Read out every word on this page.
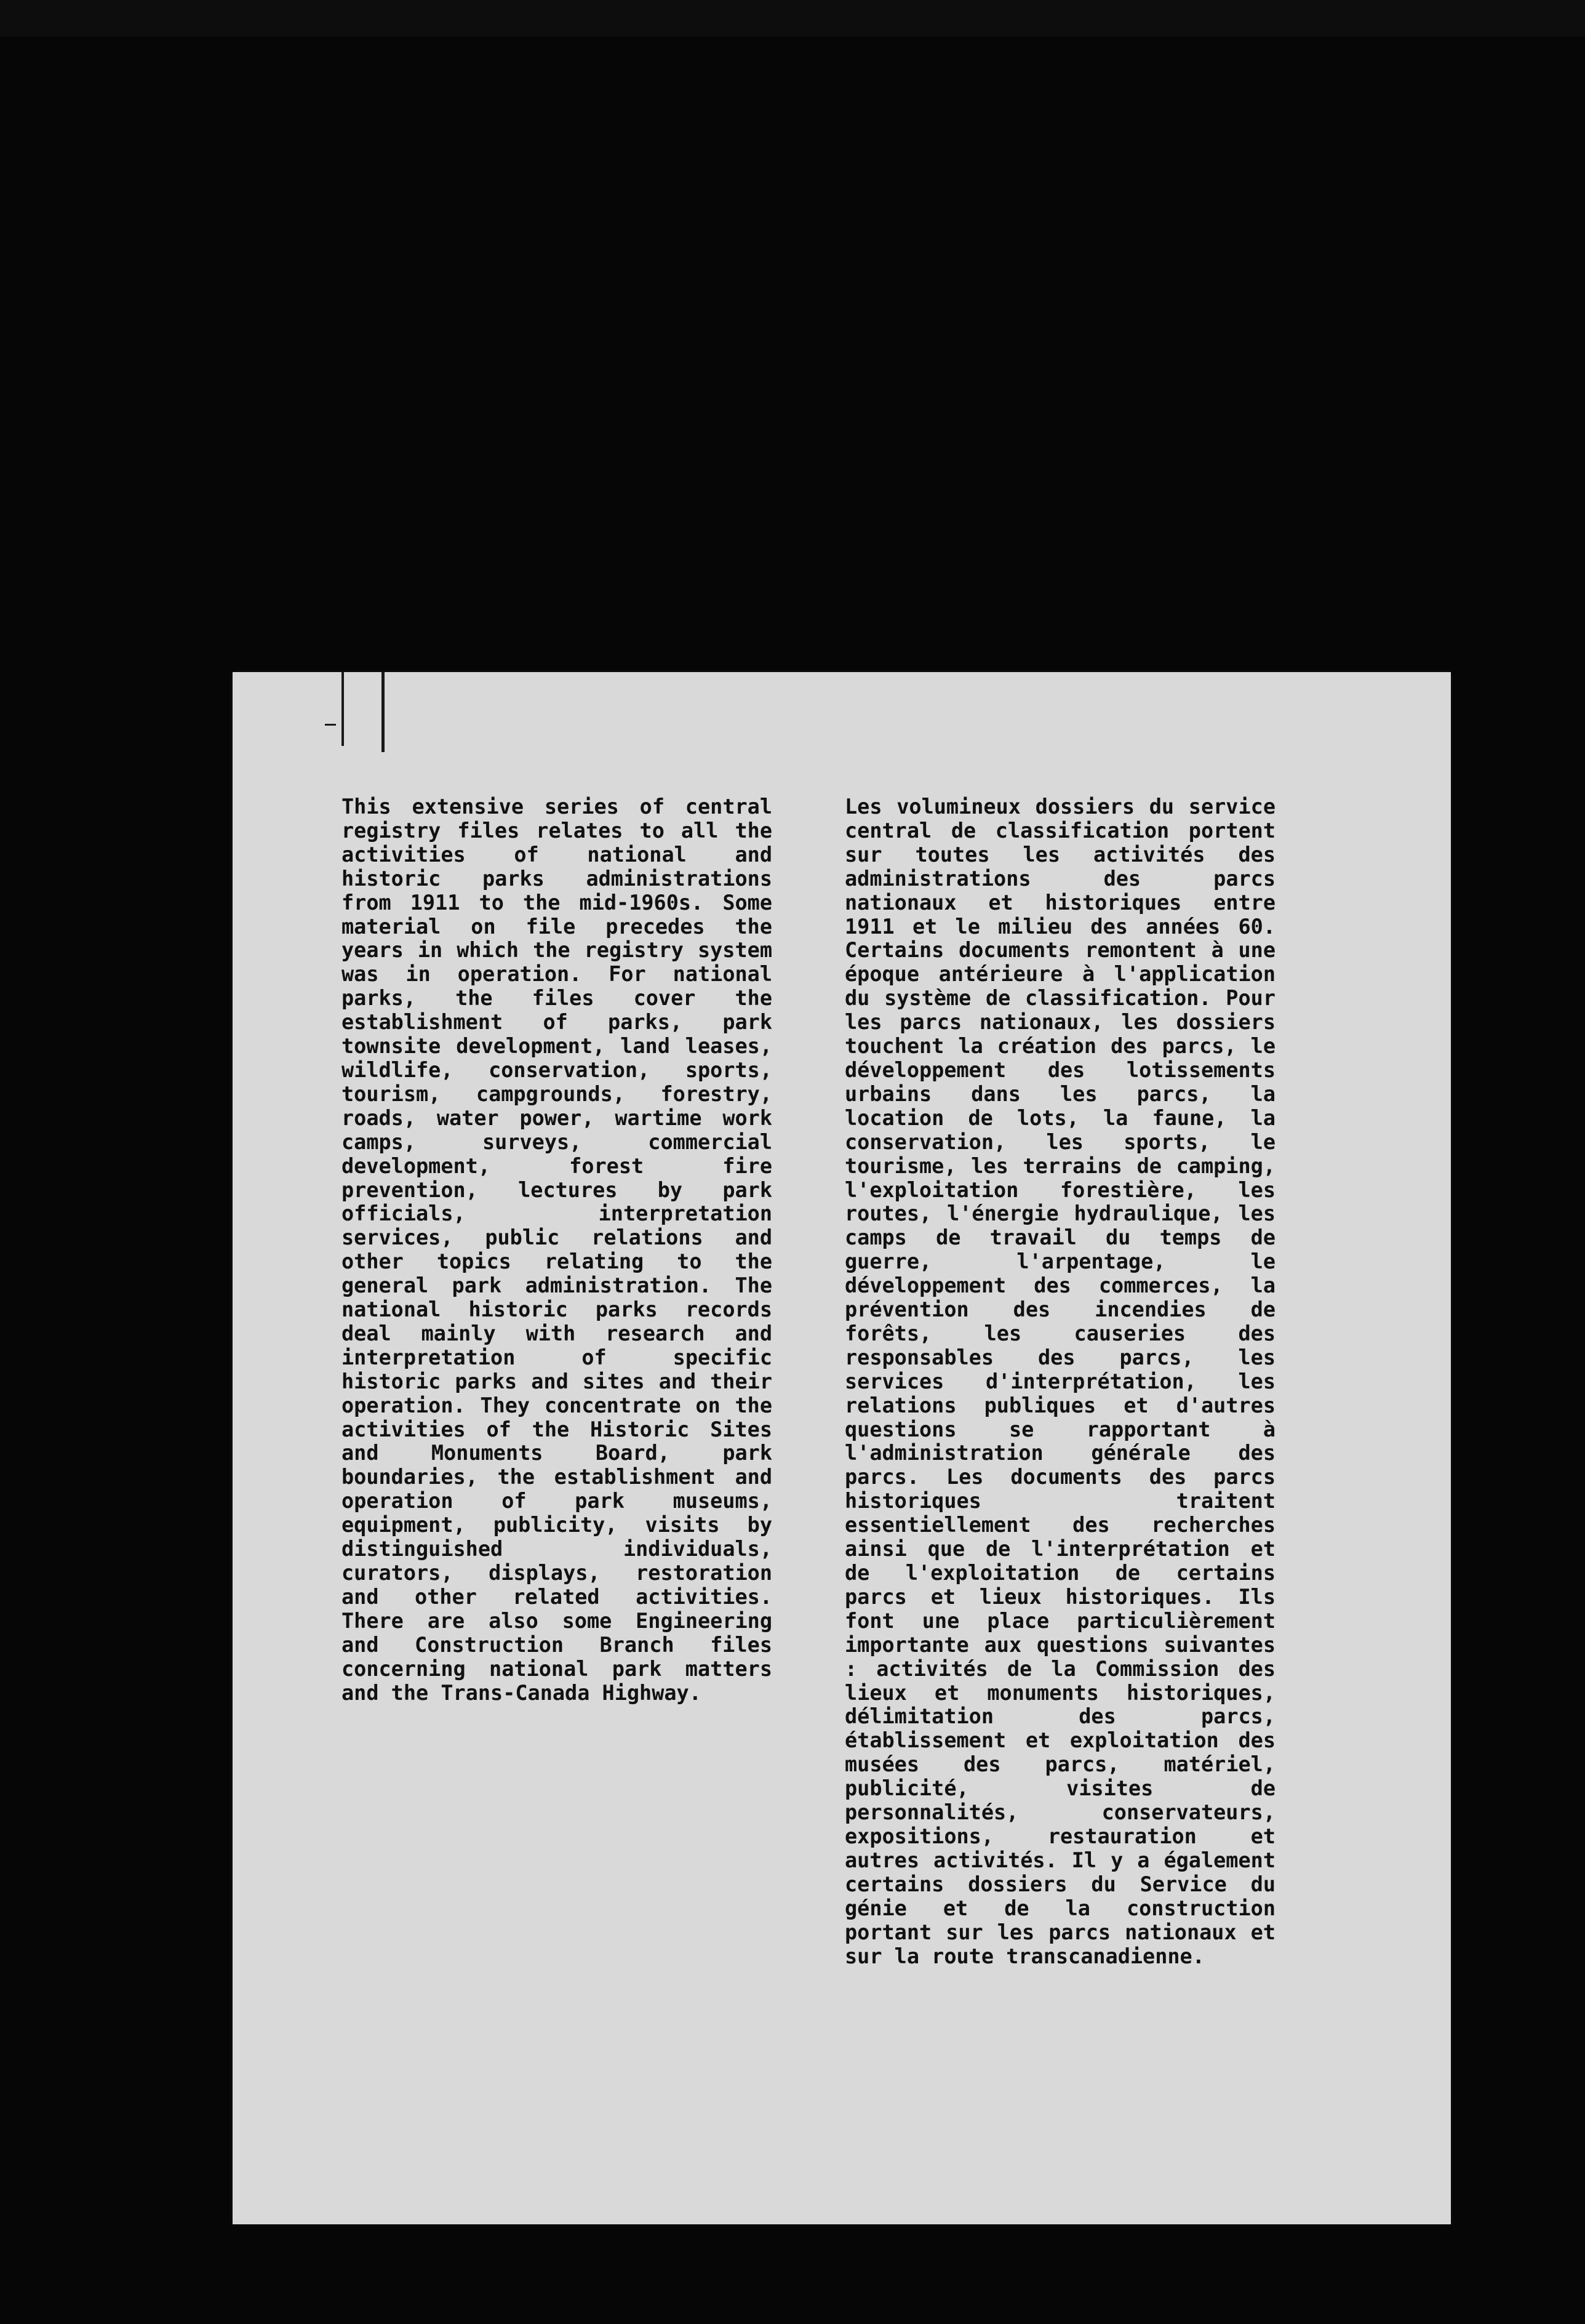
This extensive series of central registry files relates to all the activities of national and historic parks administrations from 1911 to the mid-1960s. Some material on file precedes the years in which the registry system was in operation. For national parks, the files cover the establishment of parks, park townsite development, land leases, wildlife, conservation, sports, tourism, campgrounds, forestry, roads, water power, wartime work camps, surveys, commercial development, forest fire prevention, lectures by park officials, interpretation services, public relations and other topics relating to the general park administration. The national historic parks records deal mainly with research and interpretation of specific historic parks and sites and their operation. They concentrate on the activities of the Historic Sites and Monuments Board, park boundaries, the establishment and operation of park museums, equipment, publicity, visits by distinguished individuals, curators, displays, restoration and other related activities. There are also some Engineering and Construction Branch files concerning national park matters and the Trans-Canada Highway.

Les volumineux dossiers du service central de classification portent sur toutes les activités des administrations des parcs nationaux et historiques entre 1911 et le milieu des années 60. Certains documents remontent à une époque antérieure à l'application du système de classification. Pour les parcs nationaux, les dossiers touchent la création des parcs, le développement des lotissements urbains dans les parcs, la location de lots, la faune, la conservation, les sports, le tourisme, les terrains de camping, l'exploitation forestière, les routes, l'énergie hydraulique, les camps de travail du temps de guerre, l'arpentage, le développement des commerces, la prévention des incendies de forêts, les causeries des responsables des parcs, les services d'interprétation, les relations publiques et d'autres questions se rapportant à l'administration générale des parcs. Les documents des parcs historiques traitent essentiellement des recherches ainsi que de l'interprétation et de l'exploitation de certains parcs et lieux historiques. Ils font une place particulièrement importante aux questions suivantes : activités de la Commission des lieux et monuments historiques, délimitation des parcs, établissement et exploitation des musées des parcs, matériel, publicité, visites de personnalités, conservateurs, expositions, restauration et autres activités. Il y a également certains dossiers du Service du génie et de la construction portant sur les parcs nationaux et sur la route transcanadienne.
